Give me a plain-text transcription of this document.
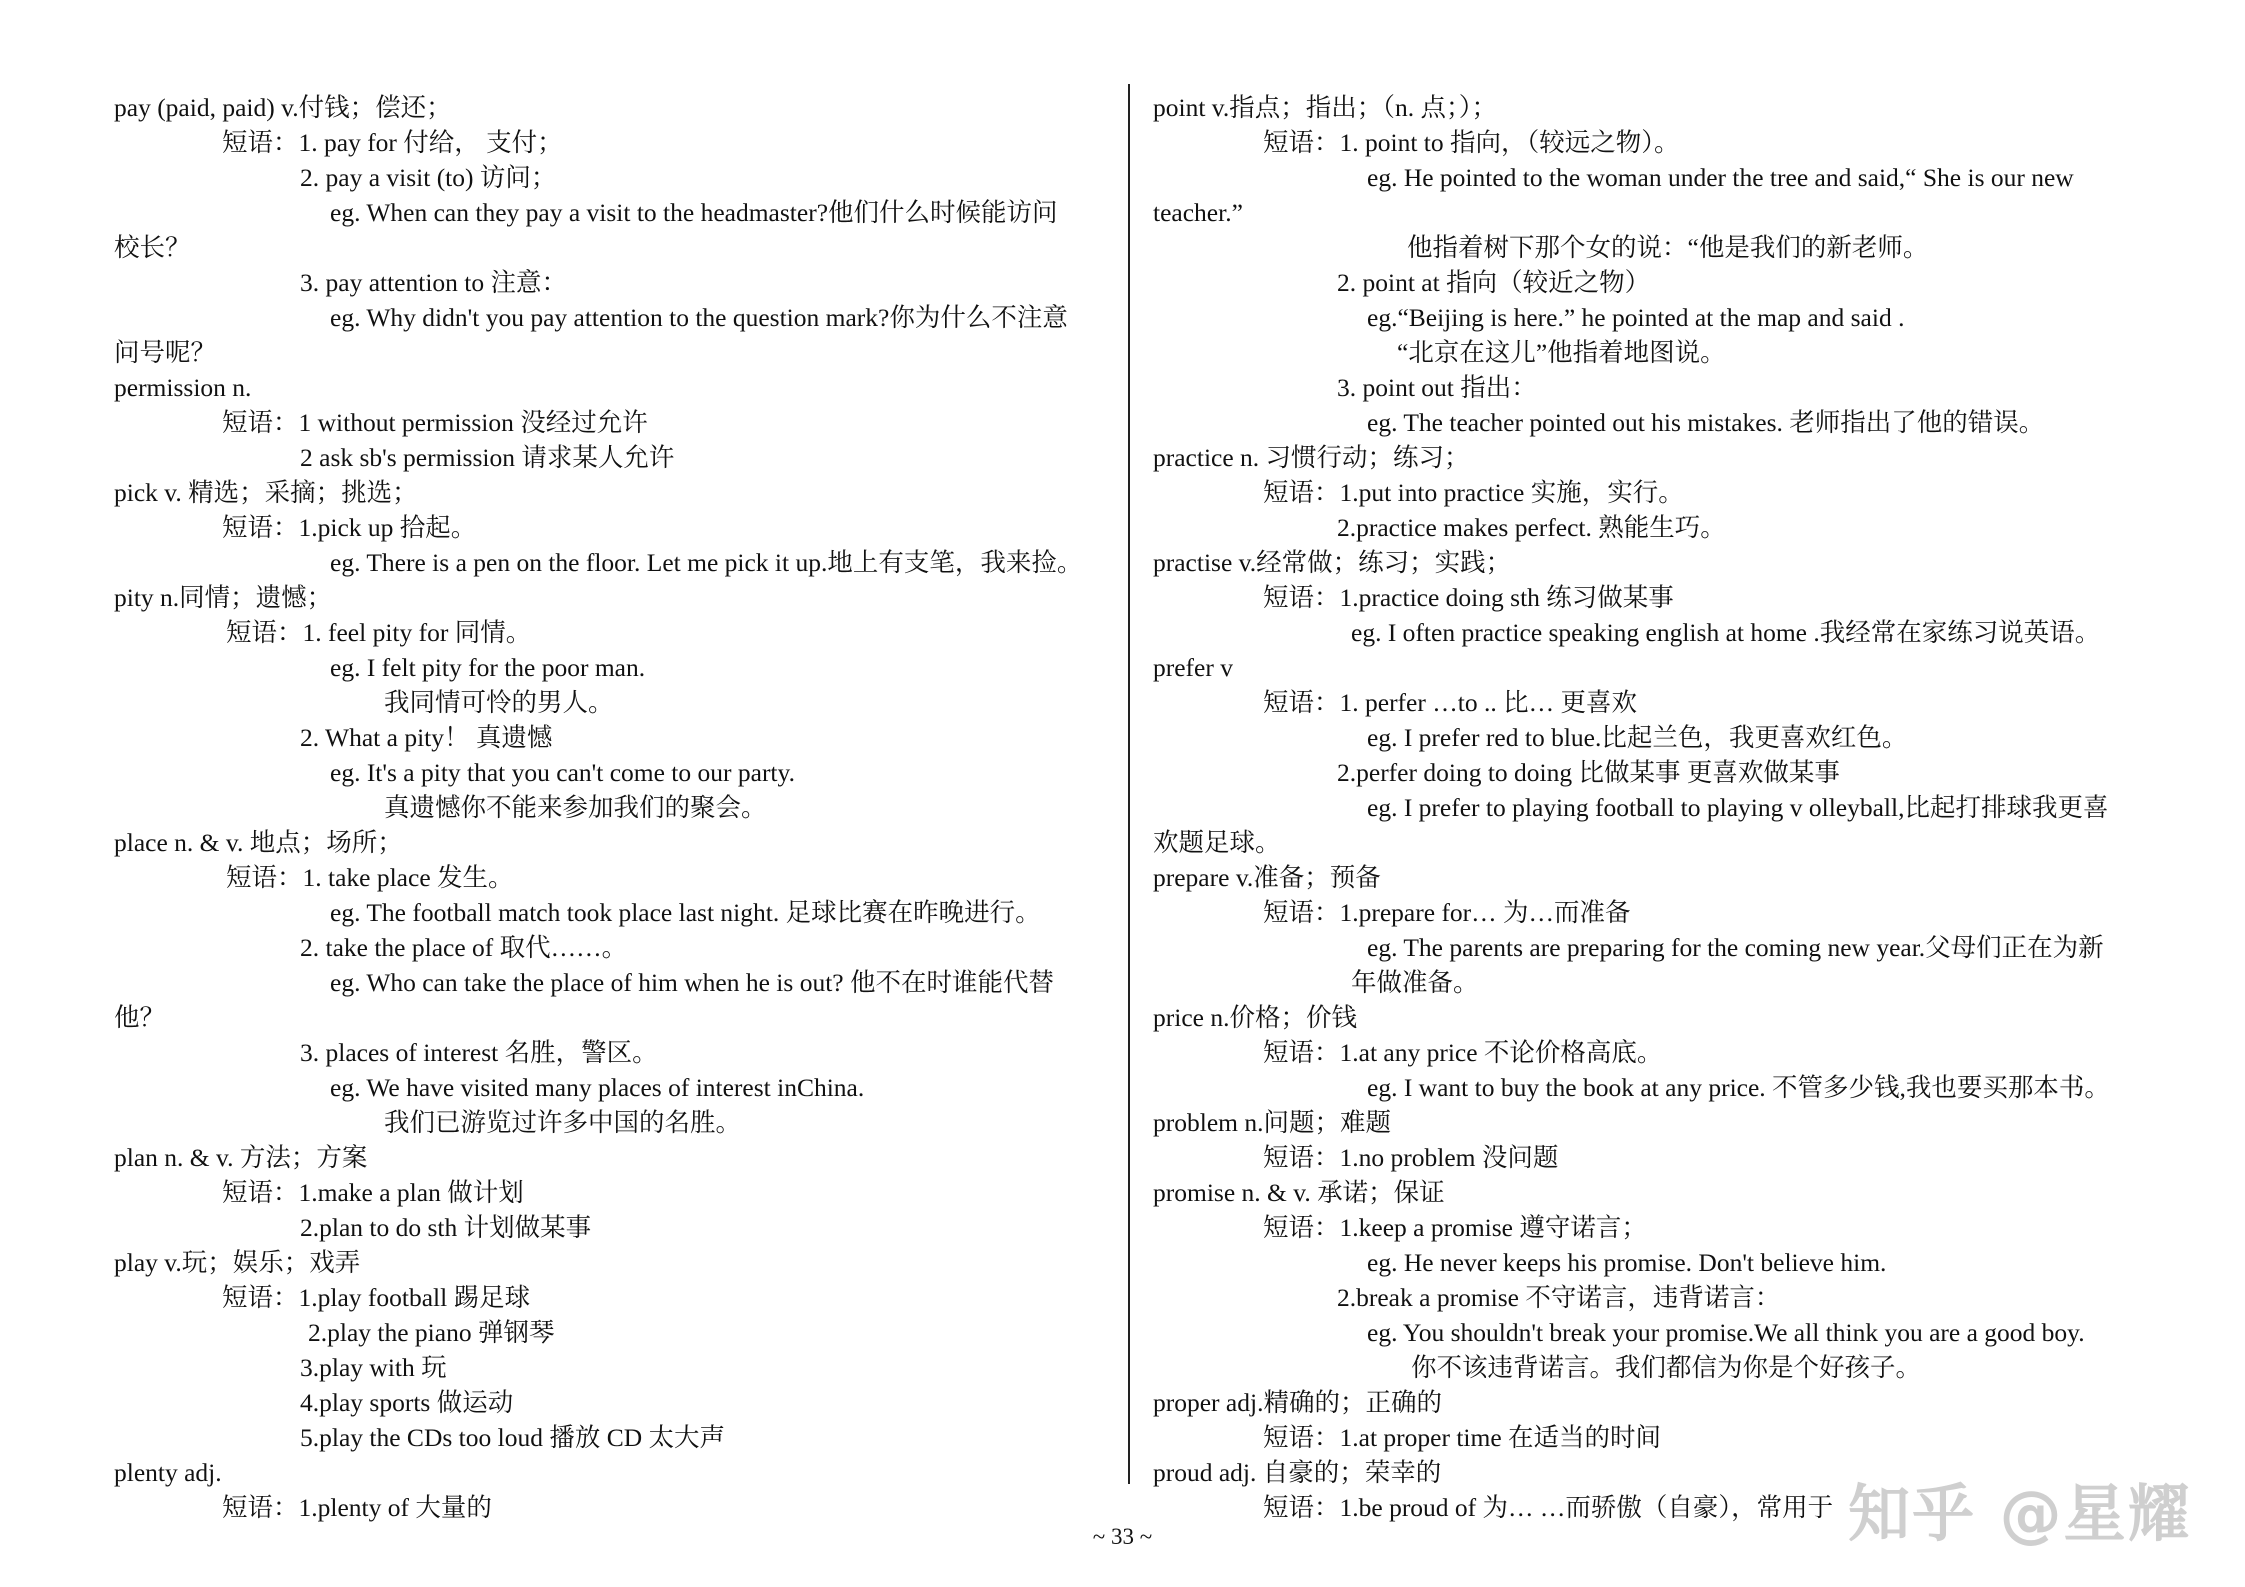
pay (paid, paid) v.付钱；偿还；
短语：1. pay for 付给， 支付；
2. pay a visit (to) 访问；
eg. When can they pay a visit to the headmaster?他们什么时候能访问
校长？
3. pay attention to 注意：
eg. Why didn't you pay attention to the question mark?你为什么不注意
问号呢？
permission n.
短语：1 without permission 没经过允许
2 ask sb's permission 请求某人允许
pick v. 精选；采摘；挑选；
短语：1.pick up 拾起。
eg. There is a pen on the floor. Let me pick it up.地上有支笔，我来捡。
pity n.同情；遗憾；
短语：1. feel pity for 同情。
eg. I felt pity for the poor man.
我同情可怜的男人。
2. What a pity！ 真遗憾
eg. It's a pity that you can't come to our party.
真遗憾你不能来参加我们的聚会。
place n. & v. 地点；场所；
短语：1. take place 发生。
eg. The football match took place last night. 足球比赛在昨晚进行。
2. take the place of 取代……。
eg. Who can take the place of him when he is out? 他不在时谁能代替
他？
3. places of interest 名胜，警区。
eg. We have visited many places of interest inChina.
我们已游览过许多中国的名胜。
plan n. & v. 方法；方案
短语：1.make a plan 做计划
2.plan to do sth 计划做某事
play v.玩；娱乐；戏弄
短语：1.play football 踢足球
2.play the piano 弹钢琴
3.play with 玩
4.play sports 做运动
5.play the CDs too loud 播放 CD 太大声
plenty adj.
短语：1.plenty of 大量的
point v.指点；指出；（n. 点；）；
短语：1. point to 指向，（较远之物）。
eg. He pointed to the woman under the tree and said,“ She is our new
teacher.”
他指着树下那个女的说：“他是我们的新老师。
2. point at 指向（较近之物）
eg.“Beijing is here.” he pointed at the map and said .
“北京在这儿”他指着地图说。
3. point out 指出：
eg. The teacher pointed out his mistakes. 老师指出了他的错误。
practice n. 习惯行动；练习；
短语：1.put into practice 实施，实行。
2.practice makes perfect. 熟能生巧。
practise v.经常做；练习；实践；
短语：1.practice doing sth 练习做某事
eg. I often practice speaking english at home .我经常在家练习说英语。
prefer v
短语：1. perfer …to .. 比… 更喜欢
eg. I prefer red to blue.比起兰色，我更喜欢红色。
2.perfer doing to doing 比做某事 更喜欢做某事
eg. I prefer to playing football to playing v olleyball,比起打排球我更喜
欢题足球。
prepare v.准备；预备
短语：1.prepare for… 为…而准备
eg. The parents are preparing for the coming new year.父母们正在为新
年做准备。
price n.价格；价钱
短语：1.at any price 不论价格高底。
eg. I want to buy the book at any price. 不管多少钱,我也要买那本书。
problem n.问题；难题
短语：1.no problem 没问题
promise n. & v. 承诺；保证
短语：1.keep a promise 遵守诺言；
eg. He never keeps his promise. Don't believe him.
2.break a promise 不守诺言，违背诺言：
eg. You shouldn't break your promise.We all think you are a good boy.
你不该违背诺言。我们都信为你是个好孩子。
proper adj.精确的；正确的
短语：1.at proper time 在适当的时间
proud adj. 自豪的；荣幸的
短语：1.be proud of 为… …而骄傲（自豪），常用于
~ 33 ~	知乎 @星耀
